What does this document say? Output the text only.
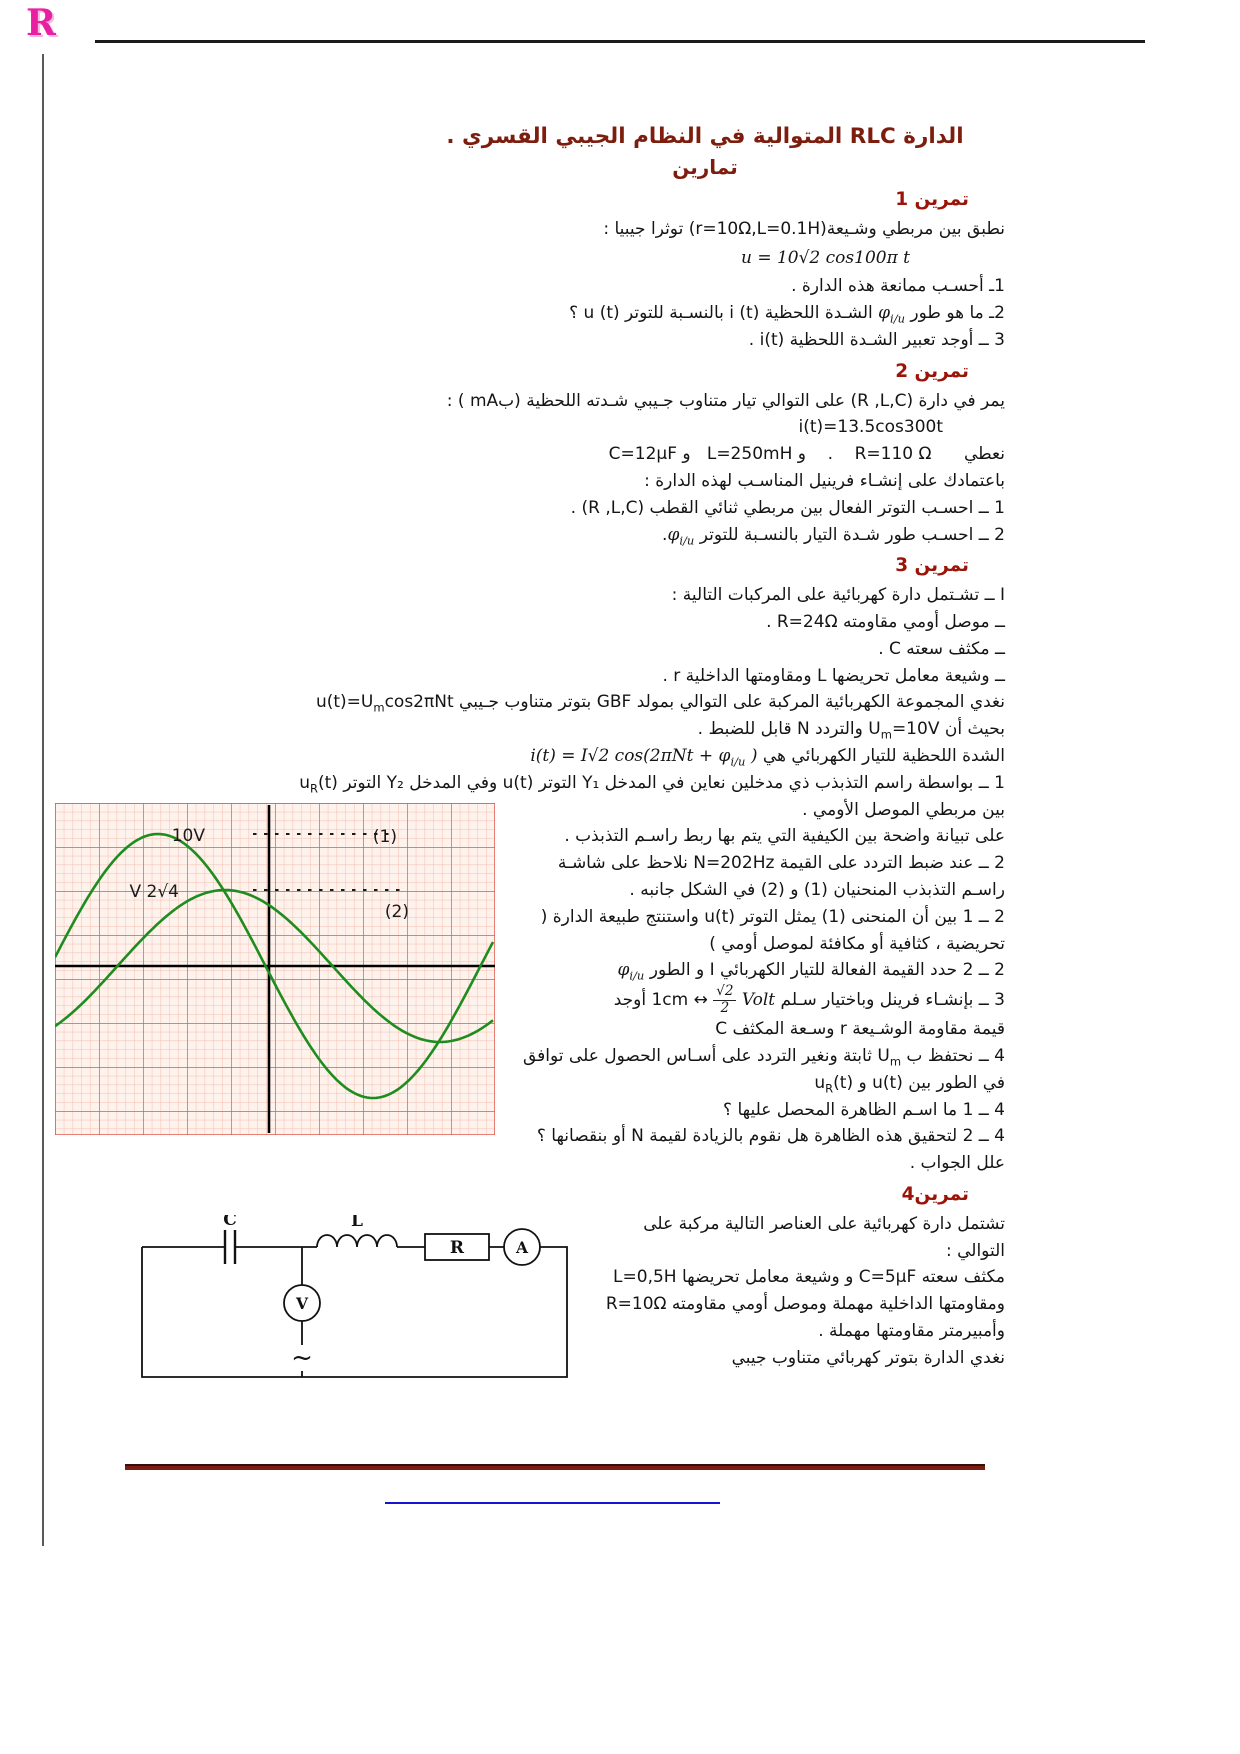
R
الدارة RLC المتوالية في النظام الجيبي القسري .
تمارين
تمرين 1

نطبق بين مربطي وشـيعة(r=10Ω,L=0.1H) توثرا جيبيا :

u = 10√2 cos100π t

1ـ أحسـب ممانعة هذه الدارة .

2ـ ما هو طور $\varphi_{i/u}$ الشـدة اللحظية i (t) بالنسـبة للتوتر u (t) ؟

3 ــ أوجد تعبير الشـدة اللحظية i(t) .

تمرين 2

يمر في دارة (R ,L,C) على التوالي تيار متناوب جـيبي شـدته اللحظية (بmA ) :

i(t)=13.5cos300t

نعطي      R=110 Ω    .    و L=250mH   و C=12μF

باعتمادك على إنشـاء فرينيل المناسـب لهذه الدارة :

1 ــ احسـب التوتر الفعال بين مربطي ثنائي القطب (R ,L,C) .

2 ــ احسـب طور شـدة التيار بالنسـبة للتوتر $\varphi_{i/u}$.

تمرين 3

I ــ تشـتمل دارة كهربائية على المركبات التالية :

ــ موصل أومي مقاومته R=24Ω .

ــ مكثف سعته C .

ــ وشيعة معامل تحريضها L ومقاومتها الداخلية r .

نغدي المجموعة الكهربائية المركبة على التوالي بمولد GBF بتوتر متناوب جـيبي $u(t)=U_m\cos 2\pi Nt$

بحيث أن $U_m=10V$ والتردد N قابل للضبط .

الشدة اللحظية للتيار الكهربائي هي i(t) = I√2 $\cos(2\pi Nt + \varphi_{i/u}$ )

1 ــ بواسطة راسم التذبذب ذي مدخلين نعاين في المدخل Y₁ التوتر u(t) وفي المدخل Y₂ التوتر $u_R(t)$

10V
4√2 V
(1)
(2)

بين مربطي الموصل الأومي .

على تبيانة واضحة بين الكيفية التي يتم بها ربط راسـم التذبذب .

2 ــ عند ضبط التردد على القيمة N=202Hz نلاحظ على شاشـة راسـم التذبذب المنحنيان (1) و (2) في الشكل جانبه .

2 ــ 1 بين أن المنحنى (1) يمثل التوتر u(t) واستنتج طبيعة الدارة ( تحريضية ، كثافية أو مكافئة لموصل أومي )

2 ــ 2 حدد القيمة الفعالة للتيار الكهربائي I و الطور $\varphi_{i/u}$

3 ــ بإنشـاء فرينل وباختيار سـلم 1cm ↔ $\frac{√2}{2}$ Volt أوجد

قيمة مقاومة الوشـيعة r وسـعة المكثف C

4 ــ نحتفظ ب $U_m$ ثابتة ونغير التردد على أسـاس الحصول على توافق في الطور بين u(t) و $u_R(t)$

4 ــ 1 ما اسـم الظاهرة المحصل عليها ؟

4 ــ 2 لتحقيق هذه الظاهرة هل نقوم بالزيادة لقيمة N أو بنقصانها ؟ علل الجواب .

تمرين4
C	L
R	A
V
~

تشتمل دارة كهربائية على العناصر التالية مركبة على التوالي :

مكثف سعته C=5μF و وشيعة معامل تحريضها L=0,5H ومقاومتها الداخلية مهملة وموصل أومي مقاومته R=10Ω وأمبيرمتر مقاومتها مهملة .

نغدي الدارة بتوتر كهربائي متناوب جيبي
